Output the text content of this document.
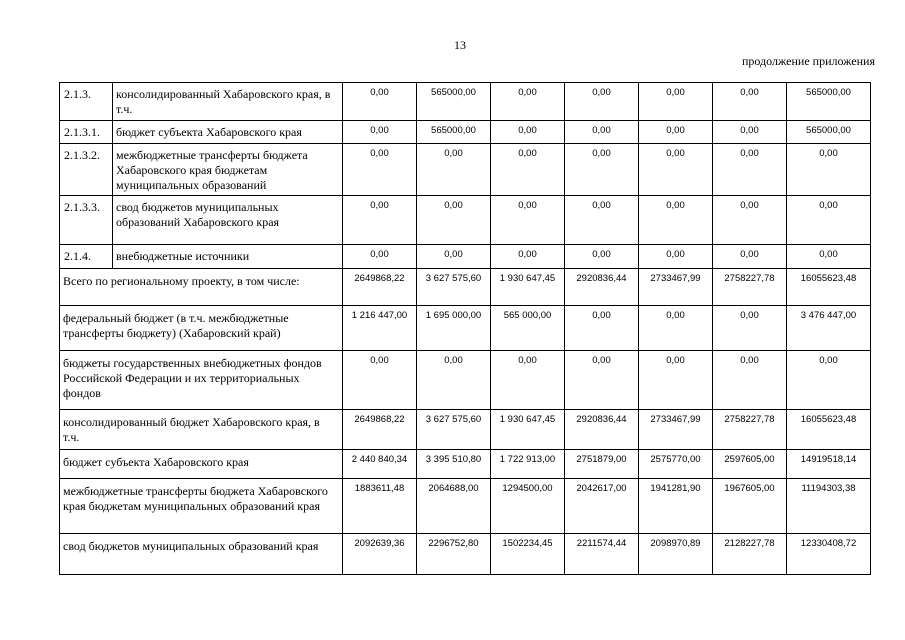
13
продолжение приложения
2.1.3.	консолидированный Хабаровского края, в т.ч.	0,00	565000,00	0,00	0,00	0,00	0,00	565000,00
2.1.3.1.	бюджет субъекта Хабаровского края	0,00	565000,00	0,00	0,00	0,00	0,00	565000,00
2.1.3.2.	межбюджетные трансферты бюджета Хабаровского края бюджетам муниципальных образований	0,00	0,00	0,00	0,00	0,00	0,00	0,00
2.1.3.3.	свод бюджетов муниципальных образований Хабаровского края	0,00	0,00	0,00	0,00	0,00	0,00	0,00
2.1.4.	внебюджетные источники	0,00	0,00	0,00	0,00	0,00	0,00	0,00
Всего по региональному проекту, в том числе:		2649868,22	3 627 575,60	1 930 647,45	2920836,44	2733467,99	2758227,78	16055623,48
федеральный бюджет (в т.ч. межбюджетные трансферты бюджету) (Хабаровский край)		1 216 447,00	1 695 000,00	565 000,00	0,00	0,00	0,00	3 476 447,00
бюджеты государственных внебюджетных фондов Российской Федерации и их территориальных фондов		0,00	0,00	0,00	0,00	0,00	0,00	0,00
консолидированный бюджет Хабаровского края, в т.ч.		2649868,22	3 627 575,60	1 930 647,45	2920836,44	2733467,99	2758227,78	16055623,48
бюджет субъекта Хабаровского края		2 440 840,34	3 395 510,80	1 722 913,00	2751879,00	2575770,00	2597605,00	14919518,14
межбюджетные трансферты бюджета Хабаровского края бюджетам муниципальных образований края		1883611,48	2064688,00	1294500,00	2042617,00	1941281,90	1967605,00	11194303,38
свод бюджетов муниципальных образований края		2092639,36	2296752,80	1502234,45	2211574,44	2098970,89	2128227,78	12330408,72
